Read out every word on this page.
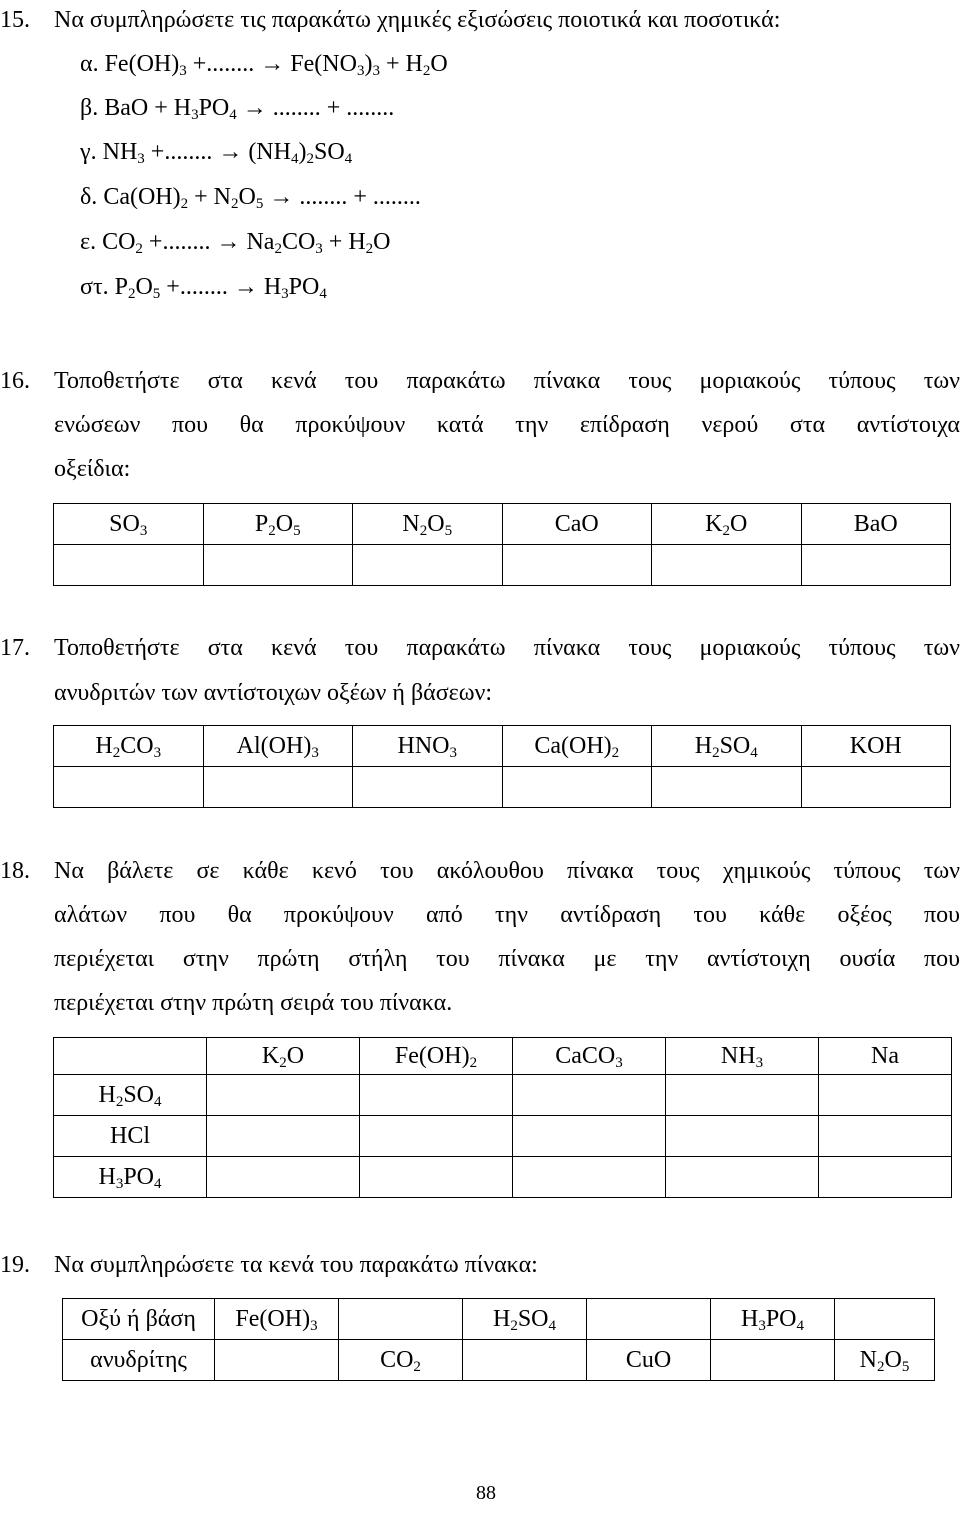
15. Να συμπληρώσετε τις παρακάτω χημικές εξισώσεις ποιοτικά και ποσοτικά:
α. $Fe(OH)_3$ +........ → $Fe(NO_3)_3 + H_2O$
β. BaO + $H_3PO_4$ → ........ + ........
γ. $NH_3$ +........ → $(NH_4)_2SO_4$
δ. $Ca(OH)_2 + N_2O_5$ → ........ + ........
ε. $CO_2$ +........ → $Na_2CO_3 + H_2O$
στ. $P_2O_5$ +........ → $H_3PO_4$
16. Τοποθετήστε στα κενά του παρακάτω πίνακα τους μοριακούς τύπους των
ενώσεων που θα προκύψουν κατά την επίδραση νερού στα αντίστοιχα
οξείδια:
$SO_3$	$P_2O_5$	$N_2O_5$	CaO	$K_2O$	BaO

17. Τοποθετήστε στα κενά του παρακάτω πίνακα τους μοριακούς τύπους των
ανυδριτών των αντίστοιχων οξέων ή βάσεων:
$H_2CO_3$	$Al(OH)_3$	$HNO_3$	$Ca(OH)_2$	$H_2SO_4$	KOH

18. Να βάλετε σε κάθε κενό του ακόλουθου πίνακα τους χημικούς τύπους των
αλάτων που θα προκύψουν από την αντίδραση του κάθε οξέος που
περιέχεται στην πρώτη στήλη του πίνακα με την αντίστοιχη ουσία που
περιέχεται στην πρώτη σειρά του πίνακα.
	$K_2O$	$Fe(OH)_2$	CaCO$_3$	$NH_3$	Na
$H_2SO_4$					
HCl					
$H_3PO_4$					
19. Να συμπληρώσετε τα κενά του παρακάτω πίνακα:
Οξύ ή βάση	$Fe(OH)_3$		$H_2SO_4$		$H_3PO_4$	
ανυδρίτης		$CO_2$		CuO		$N_2O_5$
88
